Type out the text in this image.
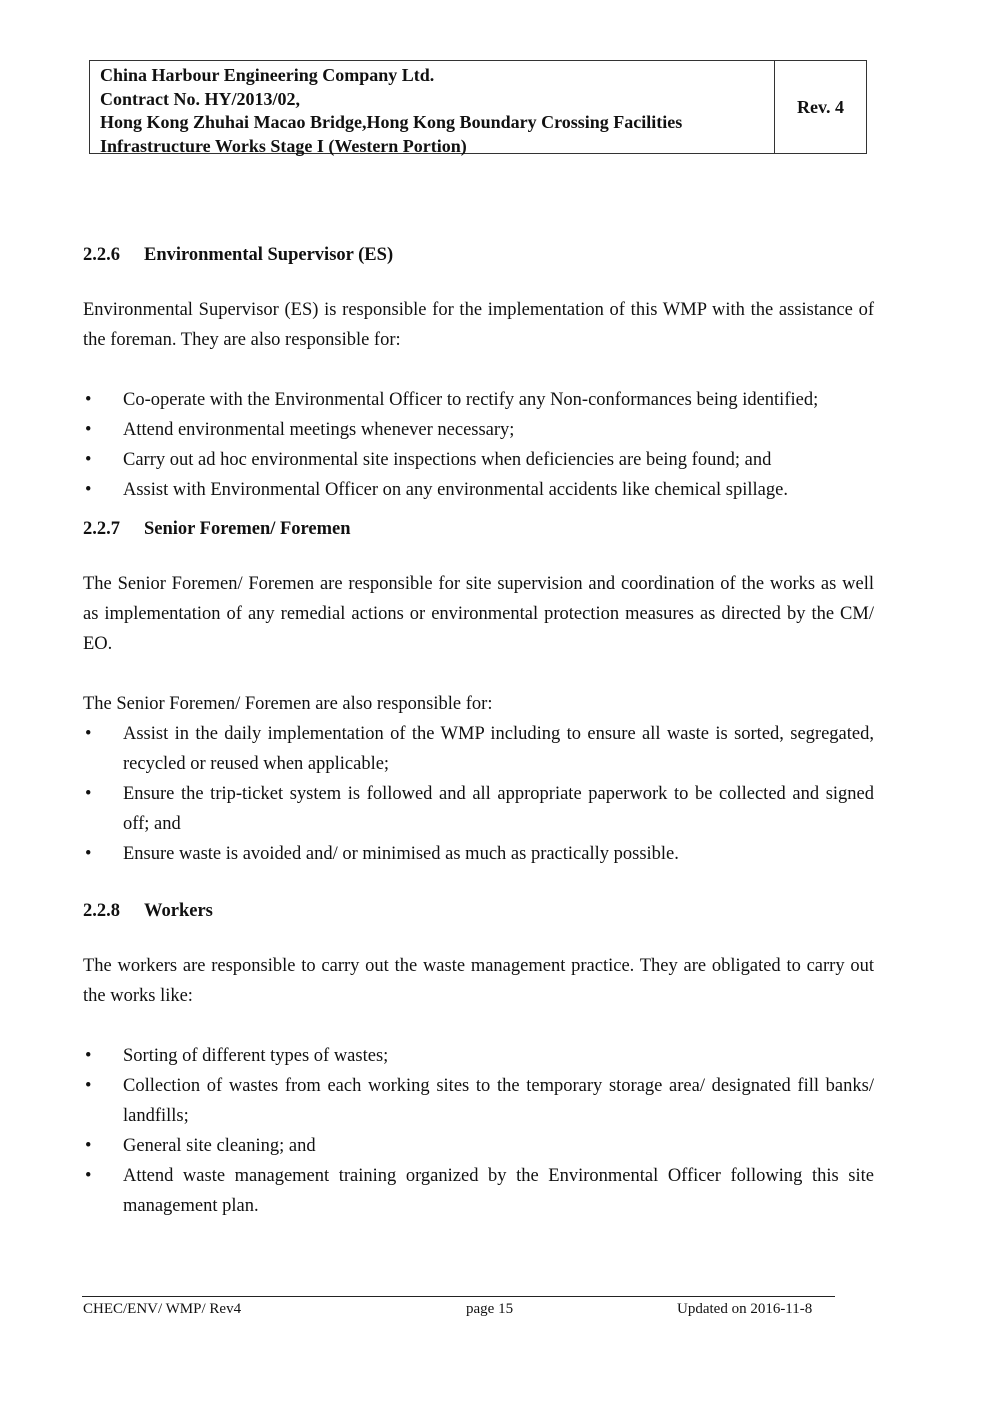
China Harbour Engineering Company Ltd.
Contract No. HY/2013/02,
Hong Kong Zhuhai Macao Bridge,Hong Kong Boundary Crossing Facilities
Infrastructure Works Stage I (Western Portion)
Rev. 4
2.2.6 Environmental Supervisor (ES)

Environmental Supervisor (ES) is responsible for the implementation of this WMP with the assistance of the foreman. They are also responsible for:

• Co-operate with the Environmental Officer to rectify any Non-conformances being identified;
• Attend environmental meetings whenever necessary;
• Carry out ad hoc environmental site inspections when deficiencies are being found; and
• Assist with Environmental Officer on any environmental accidents like chemical spillage.
2.2.7 Senior Foremen/ Foremen

The Senior Foremen/ Foremen are responsible for site supervision and coordination of the works as well as implementation of any remedial actions or environmental protection measures as directed by the CM/ EO.

The Senior Foremen/ Foremen are also responsible for:

• Assist in the daily implementation of the WMP including to ensure all waste is sorted, segregated, recycled or reused when applicable;
• Ensure the trip-ticket system is followed and all appropriate paperwork to be collected and signed off; and
• Ensure waste is avoided and/ or minimised as much as practically possible.
2.2.8 Workers

The workers are responsible to carry out the waste management practice. They are obligated to carry out the works like:

• Sorting of different types of wastes;
• Collection of wastes from each working sites to the temporary storage area/ designated fill banks/ landfills;
• General site cleaning; and
• Attend waste management training organized by the Environmental Officer following this site management plan.
CHEC/ENV/ WMP/ Rev4	page 15	Updated on 2016-11-8
